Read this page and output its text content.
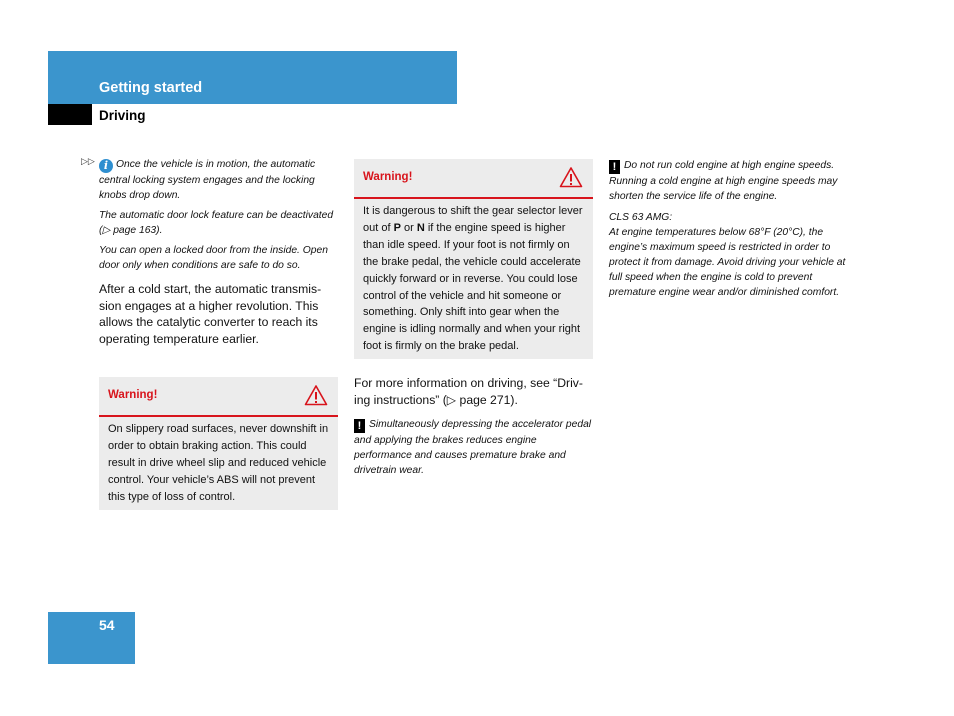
Getting started
Driving
▷▷ i Once the vehicle is in motion, the automatic central locking system engages and the locking knobs drop down.

The automatic door lock feature can be deactivated (▷ page 163).

You can open a locked door from the inside. Open door only when conditions are safe to do so.

After a cold start, the automatic transmission engages at a higher revolution. This allows the catalytic converter to reach its operating temperature earlier.

Warning!
On slippery road surfaces, never downshift in order to obtain braking action. This could result in drive wheel slip and reduced vehicle control. Your vehicle’s ABS will not prevent this type of loss of control.
Warning!
It is dangerous to shift the gear selector lever out of P or N if the engine speed is higher than idle speed. If your foot is not firmly on the brake pedal, the vehicle could accelerate quickly forward or in reverse. You could lose control of the vehicle and hit someone or something. Only shift into gear when the engine is idling normally and when your right foot is firmly on the brake pedal.

For more information on driving, see “Driving instructions” (▷ page 271).

! Simultaneously depressing the accelerator pedal and applying the brakes reduces engine performance and causes premature brake and drivetrain wear.

! Do not run cold engine at high engine speeds. Running a cold engine at high engine speeds may shorten the service life of the engine.

CLS 63 AMG:

At engine temperatures below 68°F (20°C), the engine’s maximum speed is restricted in order to protect it from damage. Avoid driving your vehicle at full speed when the engine is cold to prevent premature engine wear and/or diminished comfort.

54
